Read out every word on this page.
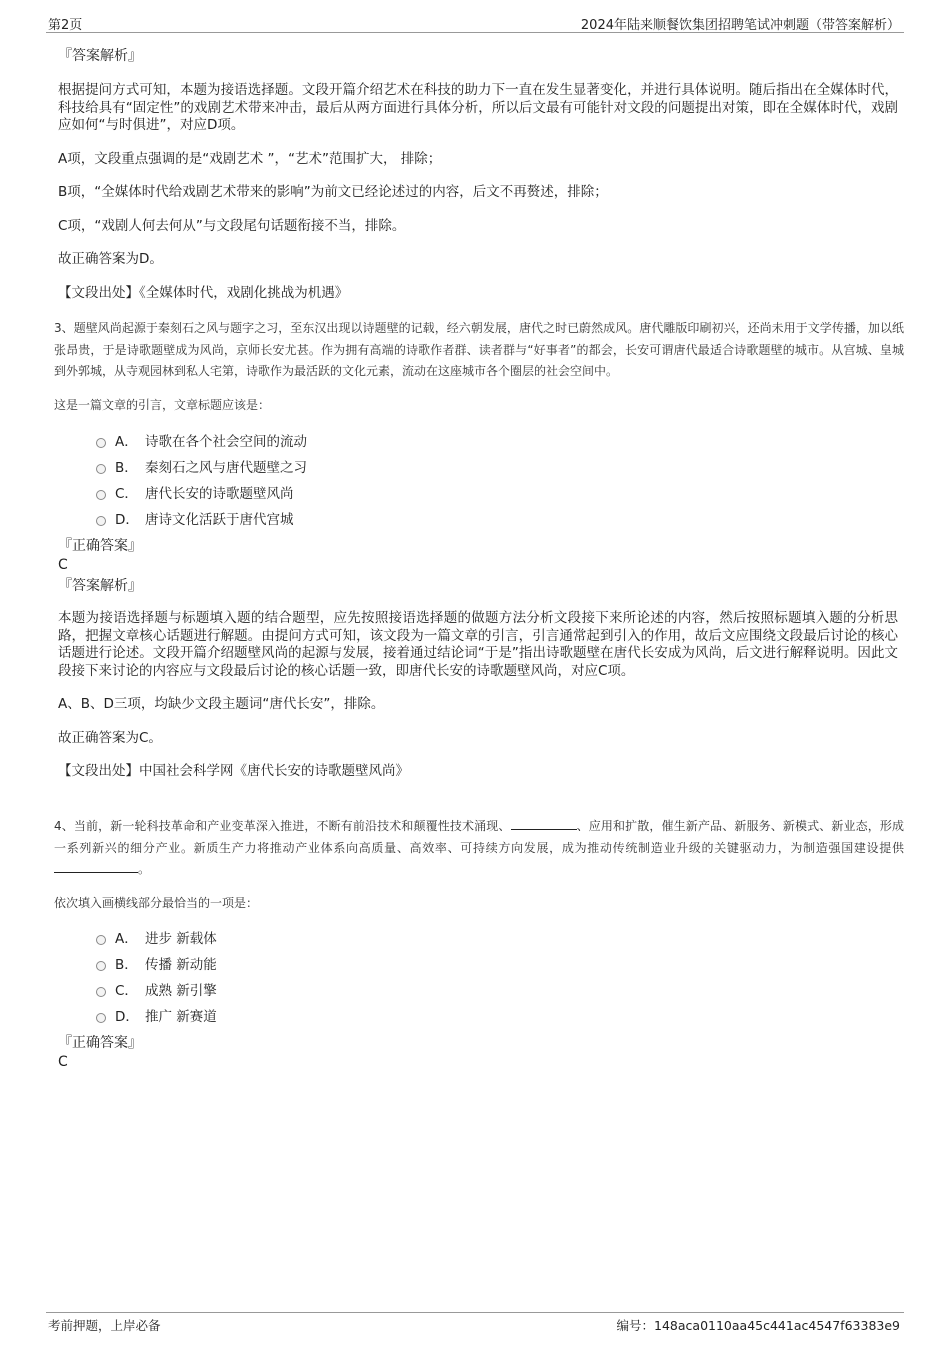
第2页	2024年陆来顺餐饮集团招聘笔试冲刺题（带答案解析）

『答案解析』

根据提问方式可知，本题为接语选择题。文段开篇介绍艺术在科技的助力下一直在发生显著变化，并进行具体说明。随后指出在全媒体时代，科技给具有“固定性”的戏剧艺术带来冲击，最后从两方面进行具体分析，所以后文最有可能针对文段的问题提出对策，即在全媒体时代，戏剧应如何“与时俱进”，对应D项。

A项，文段重点强调的是“戏剧艺术 ”，“艺术”范围扩大， 排除；

B项，“全媒体时代给戏剧艺术带来的影响”为前文已经论述过的内容，后文不再赘述，排除；

C项，“戏剧人何去何从”与文段尾句话题衔接不当，排除。

故正确答案为D。

【文段出处】《全媒体时代，戏剧化挑战为机遇》

3、题壁风尚起源于秦刻石之风与题字之习，至东汉出现以诗题壁的记载，经六朝发展，唐代之时已蔚然成风。唐代雕版印刷初兴，还尚未用于文学传播，加以纸张昂贵，于是诗歌题壁成为风尚，京师长安尤甚。作为拥有高端的诗歌作者群、读者群与“好事者”的都会，长安可谓唐代最适合诗歌题壁的城市。从宫城、皇城到外郭城，从寺观园林到私人宅第，诗歌作为最活跃的文化元素，流动在这座城市各个圈层的社会空间中。

这是一篇文章的引言，文章标题应该是：

A． 诗歌在各个社会空间的流动
B． 秦刻石之风与唐代题壁之习
C． 唐代长安的诗歌题壁风尚
D． 唐诗文化活跃于唐代宫城

『正确答案』

C

『答案解析』

本题为接语选择题与标题填入题的结合题型，应先按照接语选择题的做题方法分析文段接下来所论述的内容，然后按照标题填入题的分析思路，把握文章核心话题进行解题。由提问方式可知，该文段为一篇文章的引言，引言通常起到引入的作用，故后文应围绕文段最后讨论的核心话题进行论述。文段开篇介绍题壁风尚的起源与发展，接着通过结论词“于是”指出诗歌题壁在唐代长安成为风尚，后文进行解释说明。因此文段接下来讨论的内容应与文段最后讨论的核心话题一致，即唐代长安的诗歌题壁风尚，对应C项。

A、B、D三项，均缺少文段主题词“唐代长安”，排除。

故正确答案为C。

【文段出处】中国社会科学网《唐代长安的诗歌题壁风尚》

4、当前，新一轮科技革命和产业变革深入推进，不断有前沿技术和颠覆性技术涌现、	、应用和扩散，催生新产品、新服务、新模式、新业态，形成一系列新兴的细分产业。新质生产力将推动产业体系向高质量、高效率、可持续方向发展，成为推动传统制造业升级的关键驱动力，为制造强国建设提供。

依次填入画横线部分最恰当的一项是：

A． 进步 新载体
B． 传播 新动能
C． 成熟 新引擎
D． 推广 新赛道

『正确答案』

C

考前押题，上岸必备	编号：148aca0110aa45c441ac4547f63383e9
